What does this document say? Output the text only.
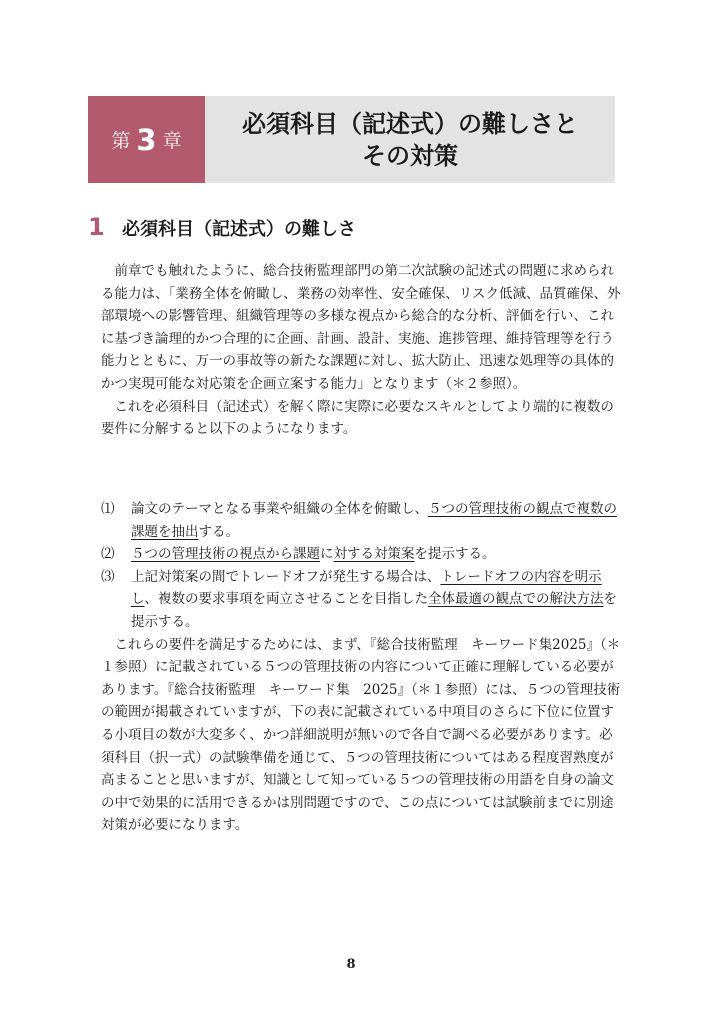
第 3 章
必須科目（記述式）の難しさと
その対策
1 必須科目（記述式）の難しさ

前章でも触れたように、総合技術監理部門の第二次試験の記述式の問題に求められる能力は、「業務全体を俯瞰し、業務の効率性、安全確保、リスク低減、品質確保、外部環境への影響管理、組織管理等の多様な視点から総合的な分析、評価を行い、これに基づき論理的かつ合理的に企画、計画、設計、実施、進捗管理、維持管理等を行う能力とともに、万一の事故等の新たな課題に対し、拡大防止、迅速な処理等の具体的かつ実現可能な対応策を企画立案する能力」となります（＊２参照）。

これを必須科目（記述式）を解く際に実際に必要なスキルとしてより端的に複数の要件に分解すると以下のようになります。

⑴	論文のテーマとなる事業や組織の全体を俯瞰し、５つの管理技術の観点で複数の課題を抽出する。
⑵	５つの管理技術の視点から課題に対する対策案を提示する。
⑶	上記対策案の間でトレードオフが発生する場合は、トレードオフの内容を明示し、複数の要求事項を両立させることを目指した全体最適の観点での解決方法を提示する。

これらの要件を満足するためには、まず、『総合技術監理　キーワード集2025』（＊１参照）に記載されている５つの管理技術の内容について正確に理解している必要があります。『総合技術監理　キーワード集　2025』（＊１参照）には、５つの管理技術の範囲が掲載されていますが、下の表に記載されている中項目のさらに下位に位置する小項目の数が大変多く、かつ詳細説明が無いので各自で調べる必要があります。必須科目（択一式）の試験準備を通じて、５つの管理技術についてはある程度習熟度が高まることと思いますが、知識として知っている５つの管理技術の用語を自身の論文の中で効果的に活用できるかは別問題ですので、この点については試験前までに別途対策が必要になります。

8
